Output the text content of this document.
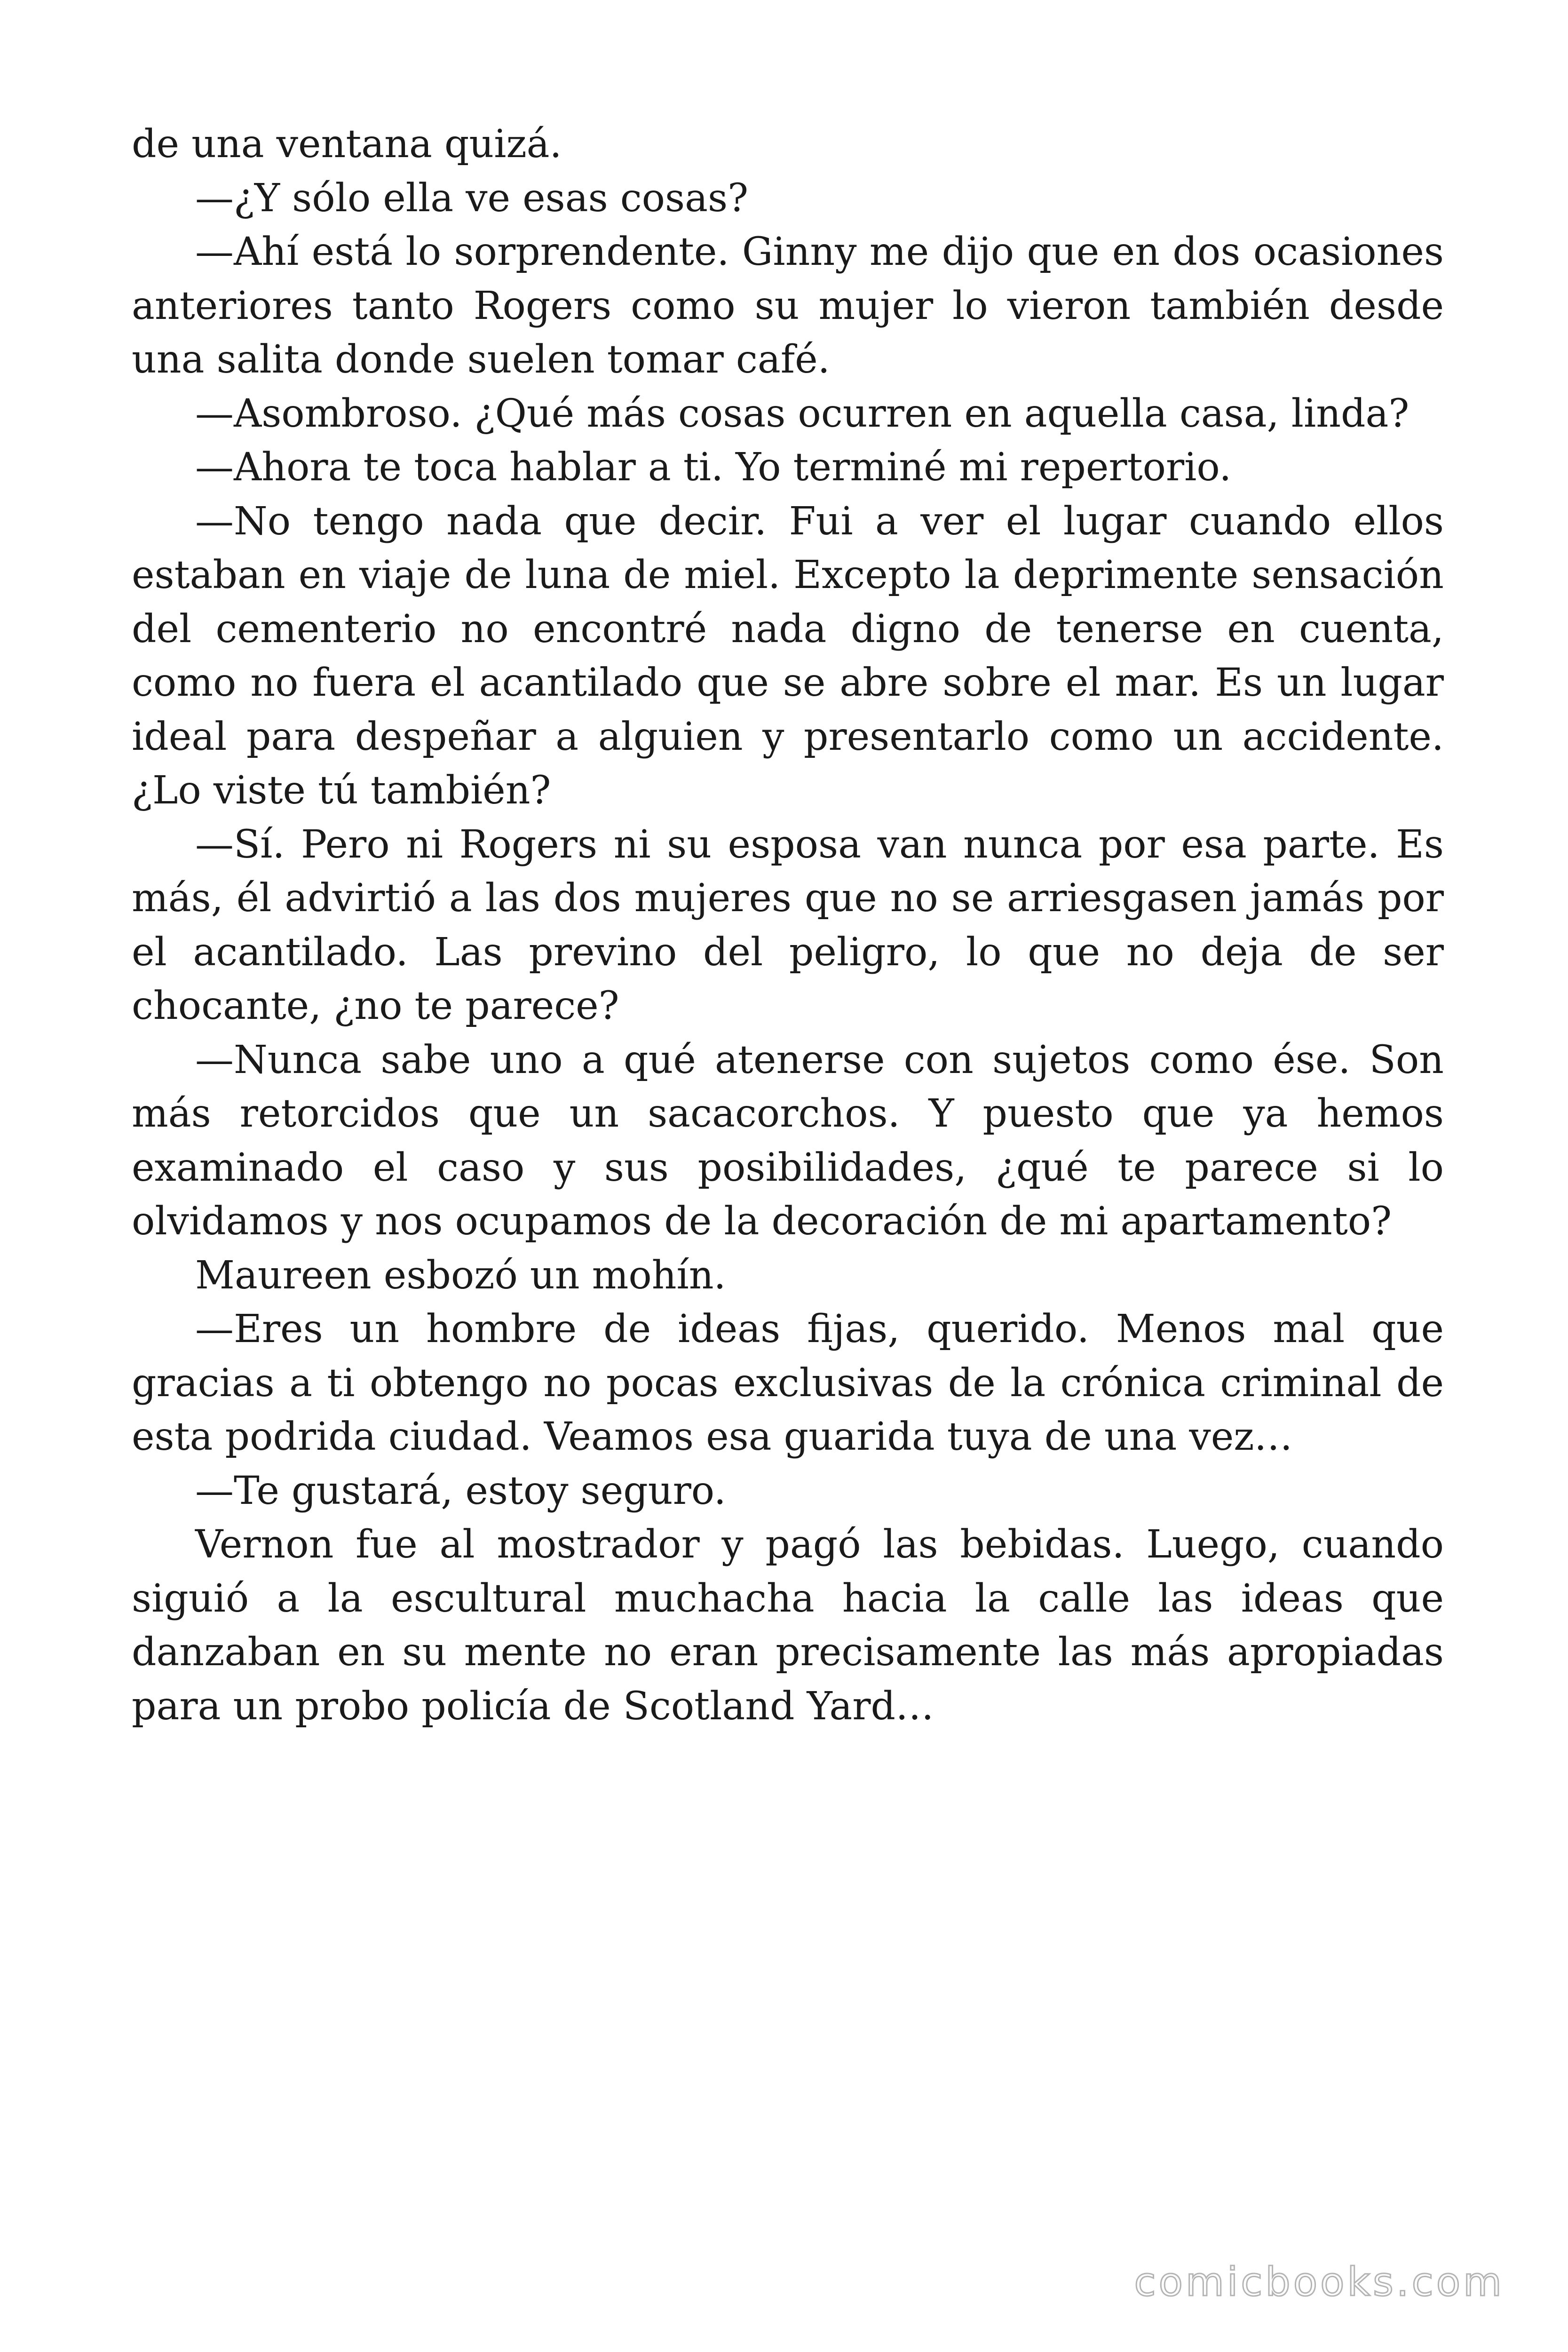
de una ventana quizá.

—¿Y sólo ella ve esas cosas?

—Ahí está lo sorprendente. Ginny me dijo que en dos ocasiones anteriores tanto Rogers como su mujer lo vieron también desde una salita donde suelen tomar café.

—Asombroso. ¿Qué más cosas ocurren en aquella casa, linda?

—Ahora te toca hablar a ti. Yo terminé mi repertorio.

—No tengo nada que decir. Fui a ver el lugar cuando ellos estaban en viaje de luna de miel. Excepto la deprimente sensación del cementerio no encontré nada digno de tenerse en cuenta, como no fuera el acantilado que se abre sobre el mar. Es un lugar ideal para despeñar a alguien y presentarlo como un accidente. ¿Lo viste tú también?

—Sí. Pero ni Rogers ni su esposa van nunca por esa parte. Es más, él advirtió a las dos mujeres que no se arriesgasen jamás por el acantilado. Las previno del peligro, lo que no deja de ser chocante, ¿no te parece?

—Nunca sabe uno a qué atenerse con sujetos como ése. Son más retorcidos que un sacacorchos. Y puesto que ya hemos examinado el caso y sus posibilidades, ¿qué te parece si lo olvidamos y nos ocupamos de la decoración de mi apartamento?

Maureen esbozó un mohín.

—Eres un hombre de ideas fijas, querido. Menos mal que gracias a ti obtengo no pocas exclusivas de la crónica criminal de esta podrida ciudad. Veamos esa guarida tuya de una vez…

—Te gustará, estoy seguro.

Vernon fue al mostrador y pagó las bebidas. Luego, cuando siguió a la escultural muchacha hacia la calle las ideas que danzaban en su mente no eran precisamente las más apropiadas para un probo policía de Scotland Yard…

comicbooks.com
